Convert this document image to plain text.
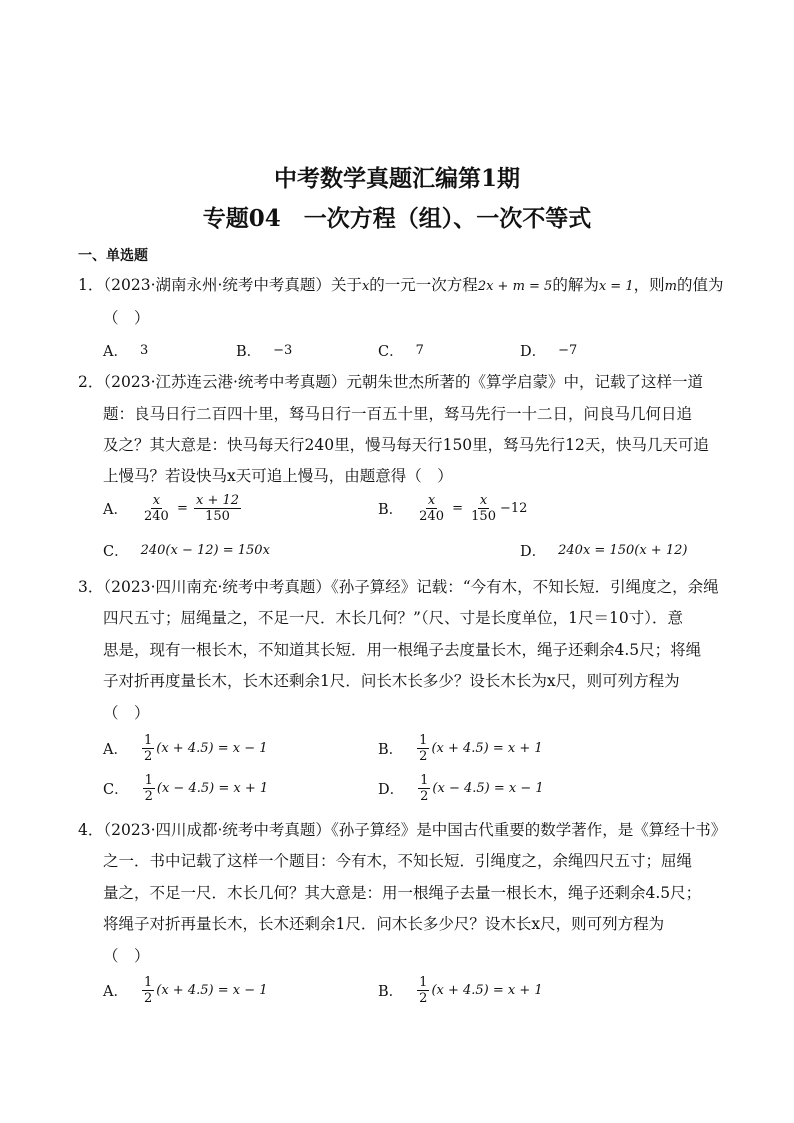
中考数学真题汇编第1期
专题04　一次方程（组）、一次不等式
一、单选题
1．（2023·湖南永州·统考中考真题）关于x的一元一次方程2x + m = 5的解为x = 1，则m的值为
（　）
A． 3	B． −3	C． 7	D． −7
2．（2023·江苏连云港·统考中考真题）元朝朱世杰所著的《算学启蒙》中，记载了这样一道
题：良马日行二百四十里，驽马日行一百五十里，驽马先行一十二日，问良马几何日追
及之？其大意是：快马每天行240里，慢马每天行150里，驽马先行12天，快马几天可追
上慢马？若设快马x天可追上慢马，由题意得（　）
A． $\frac{x}{240} = \frac{x + 12}{150}$	B． $\frac{x}{240} = \frac{x}{150} -12$
C． 240(x − 12) = 150x	D． 240x = 150(x + 12)
3．（2023·四川南充·统考中考真题）《孙子算经》记载：“今有木，不知长短．引绳度之，余绳
四尺五寸；屈绳量之，不足一尺．木长几何？”（尺、寸是长度单位，1尺＝10寸）．意
思是，现有一根长木，不知道其长短．用一根绳子去度量长木，绳子还剩余4.5尺；将绳
子对折再度量长木，长木还剩余1尺．问长木长多少？设长木长为x尺，则可列方程为
（　）
A． $\frac{1}{2} (x + 4.5) = x - 1$	B． $\frac{1}{2} (x + 4.5) = x + 1$
C． $\frac{1}{2} (x - 4.5) = x + 1$	D． $\frac{1}{2} (x - 4.5) = x - 1$
4．（2023·四川成都·统考中考真题）《孙子算经》是中国古代重要的数学著作，是《算经十书》
之一．书中记载了这样一个题目：今有木，不知长短．引绳度之，余绳四尺五寸；屈绳
量之，不足一尺．木长几何？其大意是：用一根绳子去量一根长木，绳子还剩余4.5尺；
将绳子对折再量长木，长木还剩余1尺．问木长多少尺？设木长x尺，则可列方程为
（　）
A． $\frac{1}{2} (x + 4.5) = x - 1$	B． $\frac{1}{2} (x + 4.5) = x + 1$
